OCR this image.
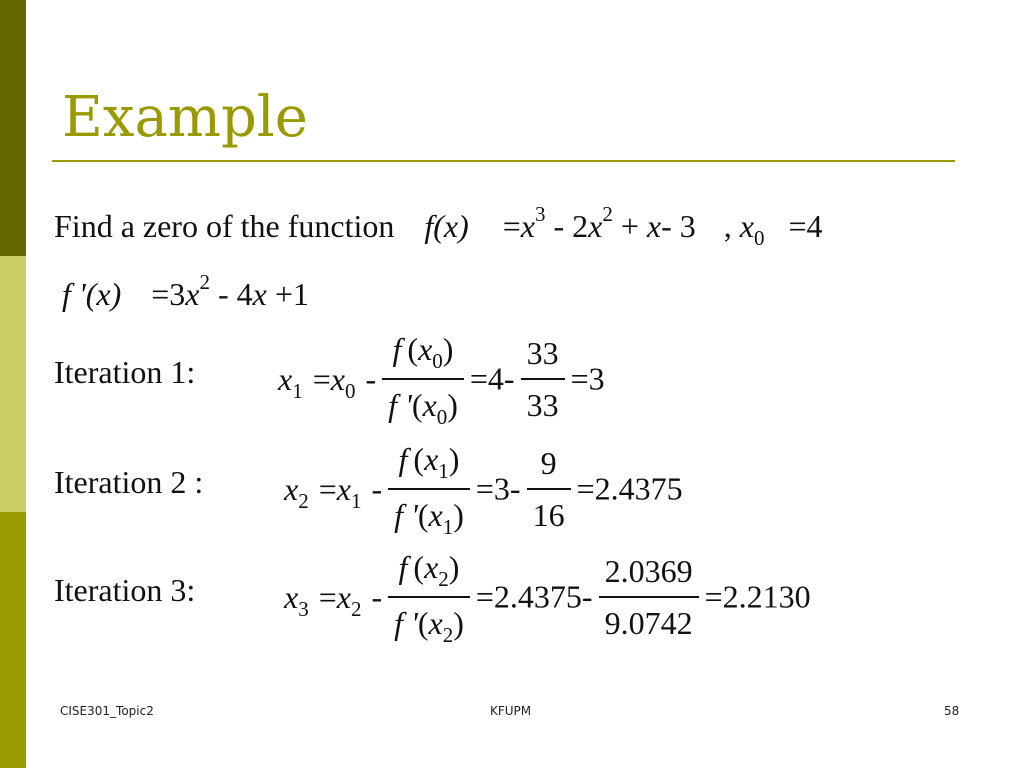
Example
Find a zero of the function $f(x) =x^3 - 2x^2 + x-$ 3 , $x_0 =4$
f '$(x) =3x^2 - 4x +1$
Iteration 1:	$x_1 =x_0 - \frac{f (x_0)}{f '(x_0)} =4- \frac{33}{33} =3$
Iteration 2 :	$x_2 =x_1 - \frac{f (x_1)}{f '(x_1)} =3- \frac{9}{16} =2.4375$
Iteration 3:	$x_3 =x_2 - \frac{f (x_2)}{f '(x_2)} =2.4375- \frac{2.0369}{9.0742} =2.2130$
CISE301_Topic2	KFUPM	58
